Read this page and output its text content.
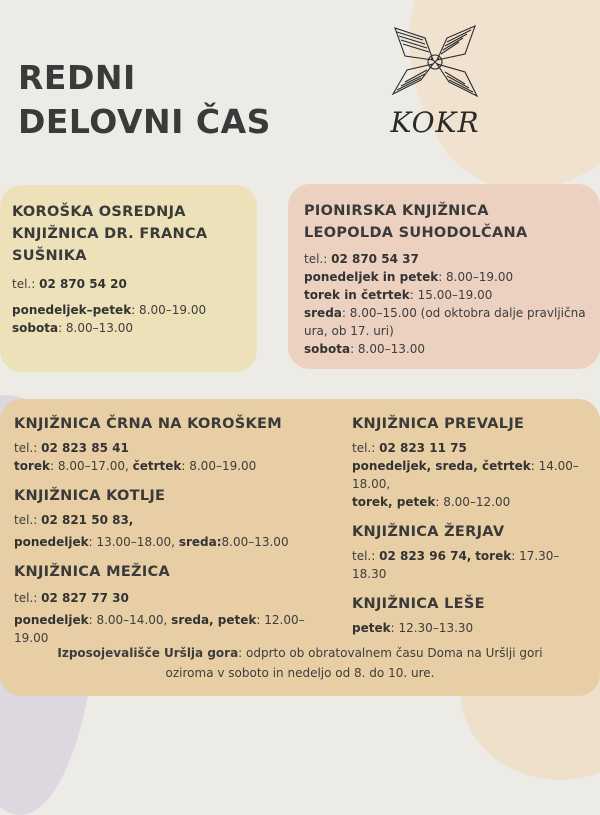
REDNI
DELOVNI ČAS	KOKR

KOROŠKA OSREDNJA
KNJIŽNICA DR. FRANCA
SUŠNIKA

tel.: 02 870 54 20

ponedeljek–petek: 8.00–19.00

sobota: 8.00–13.00

PIONIRSKA KNJIŽNICA
LEOPOLDA SUHODOLČANA

tel.: 02 870 54 37

ponedeljek in petek: 8.00–19.00

torek in četrtek: 15.00–19.00

sreda: 8.00–15.00 (od oktobra dalje pravljična
ura, ob 17. uri)

sobota: 8.00–13.00

KNJIŽNICA ČRNA NA KOROŠKEM

tel.: 02 823 85 41

torek: 8.00–17.00, četrtek: 8.00–19.00

KNJIŽNICA KOTLJE

tel.: 02 821 50 83,

ponedeljek: 13.00–18.00, sreda:8.00–13.00

KNJIŽNICA MEŽICA

tel.: 02 827 77 30

ponedeljek: 8.00–14.00, sreda, petek: 12.00–19.00

KNJIŽNICA PREVALJE

tel.: 02 823 11 75

ponedeljek, sreda, četrtek: 14.00–18.00,

torek, petek: 8.00–12.00

KNJIŽNICA ŽERJAV

tel.: 02 823 96 74, torek: 17.30–18.30

KNJIŽNICA LEŠE

petek: 12.30–13.30

Izposojevališče Uršlja gora: odprto ob obratovalnem času Doma na Uršlji gori
oziroma v soboto in nedeljo od 8. do 10. ure.
